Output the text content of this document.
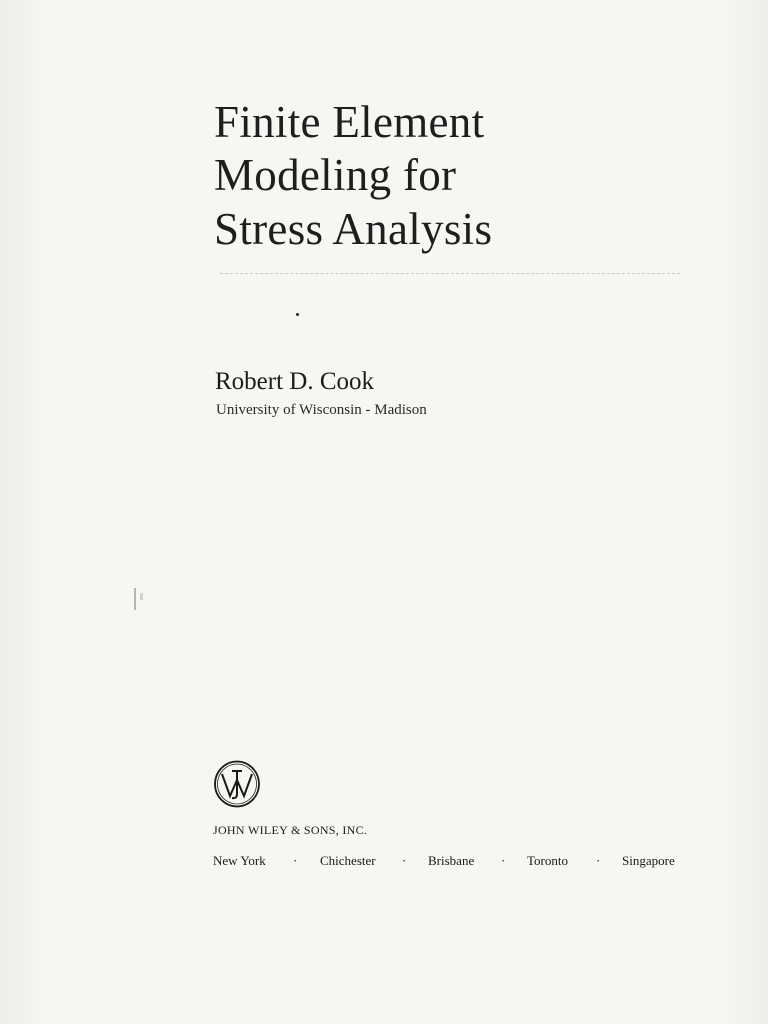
Finite Element
Modeling for
Stress Analysis
Robert D. Cook
University of Wisconsin - Madison
JOHN WILEY & SONS, INC.
New York · Chichester · Brisbane · Toronto · Singapore
